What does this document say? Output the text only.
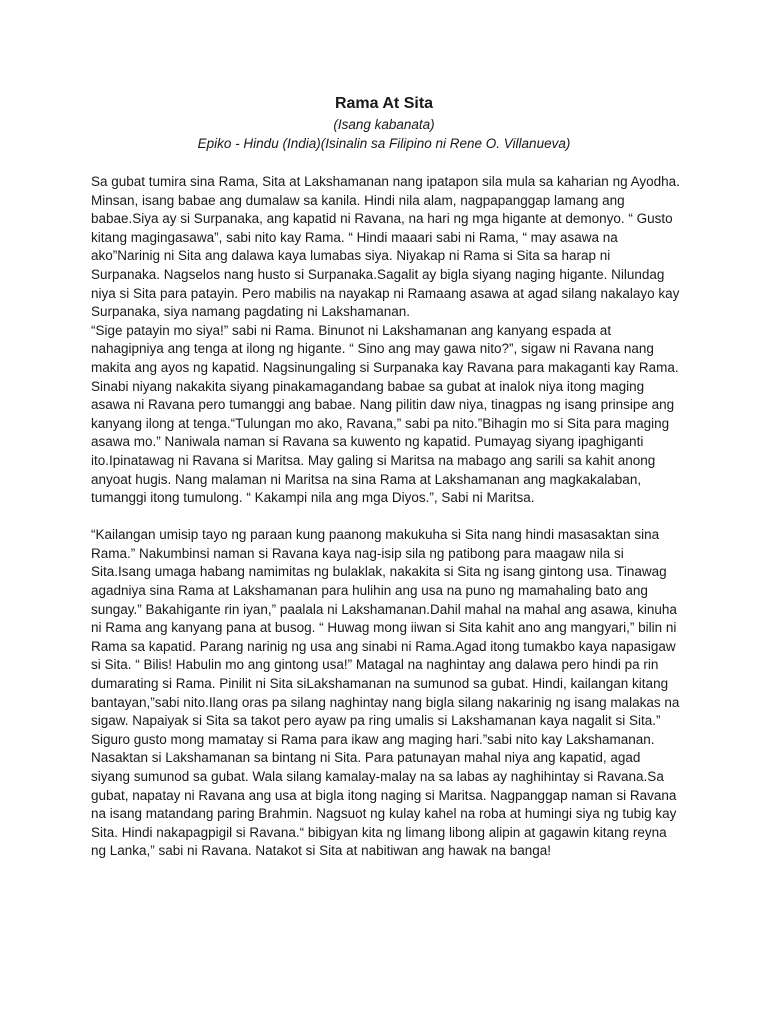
Rama At Sita

(Isang kabanata)

Epiko - Hindu (India)(Isinalin sa Filipino ni Rene O. Villanueva)

Sa gubat tumira sina Rama, Sita at Lakshamanan nang ipatapon sila mula sa kaharian ng Ayodha. Minsan, isang babae ang dumalaw sa kanila. Hindi nila alam, nagpapanggap lamang ang babae.Siya ay si Surpanaka, ang kapatid ni Ravana, na hari ng mga higante at demonyo. “ Gusto kitang magingasawa”, sabi nito kay Rama. “ Hindi maaari sabi ni Rama, “ may asawa na ako”Narinig ni Sita ang dalawa kaya lumabas siya. Niyakap ni Rama si Sita sa harap ni Surpanaka. Nagselos nang husto si Surpanaka.Sagalit ay bigla siyang naging higante. Nilundag niya si Sita para patayin. Pero mabilis na nayakap ni Ramaang asawa at agad silang nakalayo kay Surpanaka, siya namang pagdating ni Lakshamanan.

“Sige patayin mo siya!” sabi ni Rama. Binunot ni Lakshamanan ang kanyang espada at nahagipniya ang tenga at ilong ng higante. “ Sino ang may gawa nito?”, sigaw ni Ravana nang makita ang ayos ng kapatid. Nagsinungaling si Surpanaka kay Ravana para makaganti kay Rama. Sinabi niyang nakakita siyang pinakamagandang babae sa gubat at inalok niya itong maging asawa ni Ravana pero tumanggi ang babae. Nang pilitin daw niya, tinagpas ng isang prinsipe ang kanyang ilong at tenga.“Tulungan mo ako, Ravana,” sabi pa nito.”Bihagin mo si Sita para maging asawa mo.” Naniwala naman si Ravana sa kuwento ng kapatid. Pumayag siyang ipaghiganti ito.Ipinatawag ni Ravana si Maritsa. May galing si Maritsa na mabago ang sarili sa kahit anong anyoat hugis. Nang malaman ni Maritsa na sina Rama at Lakshamanan ang magkakalaban, tumanggi itong tumulong. “ Kakampi nila ang mga Diyos.”, Sabi ni Maritsa.

“Kailangan umisip tayo ng paraan kung paanong makukuha si Sita nang hindi masasaktan sina Rama.” Nakumbinsi naman si Ravana kaya nag-isip sila ng patibong para maagaw nila si Sita.Isang umaga habang namimitas ng bulaklak, nakakita si Sita ng isang gintong usa. Tinawag agadniya sina Rama at Lakshamanan para hulihin ang usa na puno ng mamahaling bato ang sungay.” Bakahigante rin iyan,” paalala ni Lakshamanan.Dahil mahal na mahal ang asawa, kinuha ni Rama ang kanyang pana at busog. “ Huwag mong iiwan si Sita kahit ano ang mangyari,” bilin ni Rama sa kapatid. Parang narinig ng usa ang sinabi ni Rama.Agad itong tumakbo kaya napasigaw si Sita. “ Bilis! Habulin mo ang gintong usa!” Matagal na naghintay ang dalawa pero hindi pa rin dumarating si Rama. Pinilit ni Sita siLakshamanan na sumunod sa gubat. Hindi, kailangan kitang bantayan,”sabi nito.Ilang oras pa silang naghintay nang bigla silang nakarinig ng isang malakas na sigaw. Napaiyak si Sita sa takot pero ayaw pa ring umalis si Lakshamanan kaya nagalit si Sita.” Siguro gusto mong mamatay si Rama para ikaw ang maging hari.”sabi nito kay Lakshamanan. Nasaktan si Lakshamanan sa bintang ni Sita. Para patunayan mahal niya ang kapatid, agad siyang sumunod sa gubat. Wala silang kamalay-malay na sa labas ay naghihintay si Ravana.Sa gubat, napatay ni Ravana ang usa at bigla itong naging si Maritsa. Nagpanggap naman si Ravana na isang matandang paring Brahmin. Nagsuot ng kulay kahel na roba at humingi siya ng tubig kay Sita. Hindi nakapagpigil si Ravana.“ bibigyan kita ng limang libong alipin at gagawin kitang reyna ng Lanka,” sabi ni Ravana. Natakot si Sita at nabitiwan ang hawak na banga!
